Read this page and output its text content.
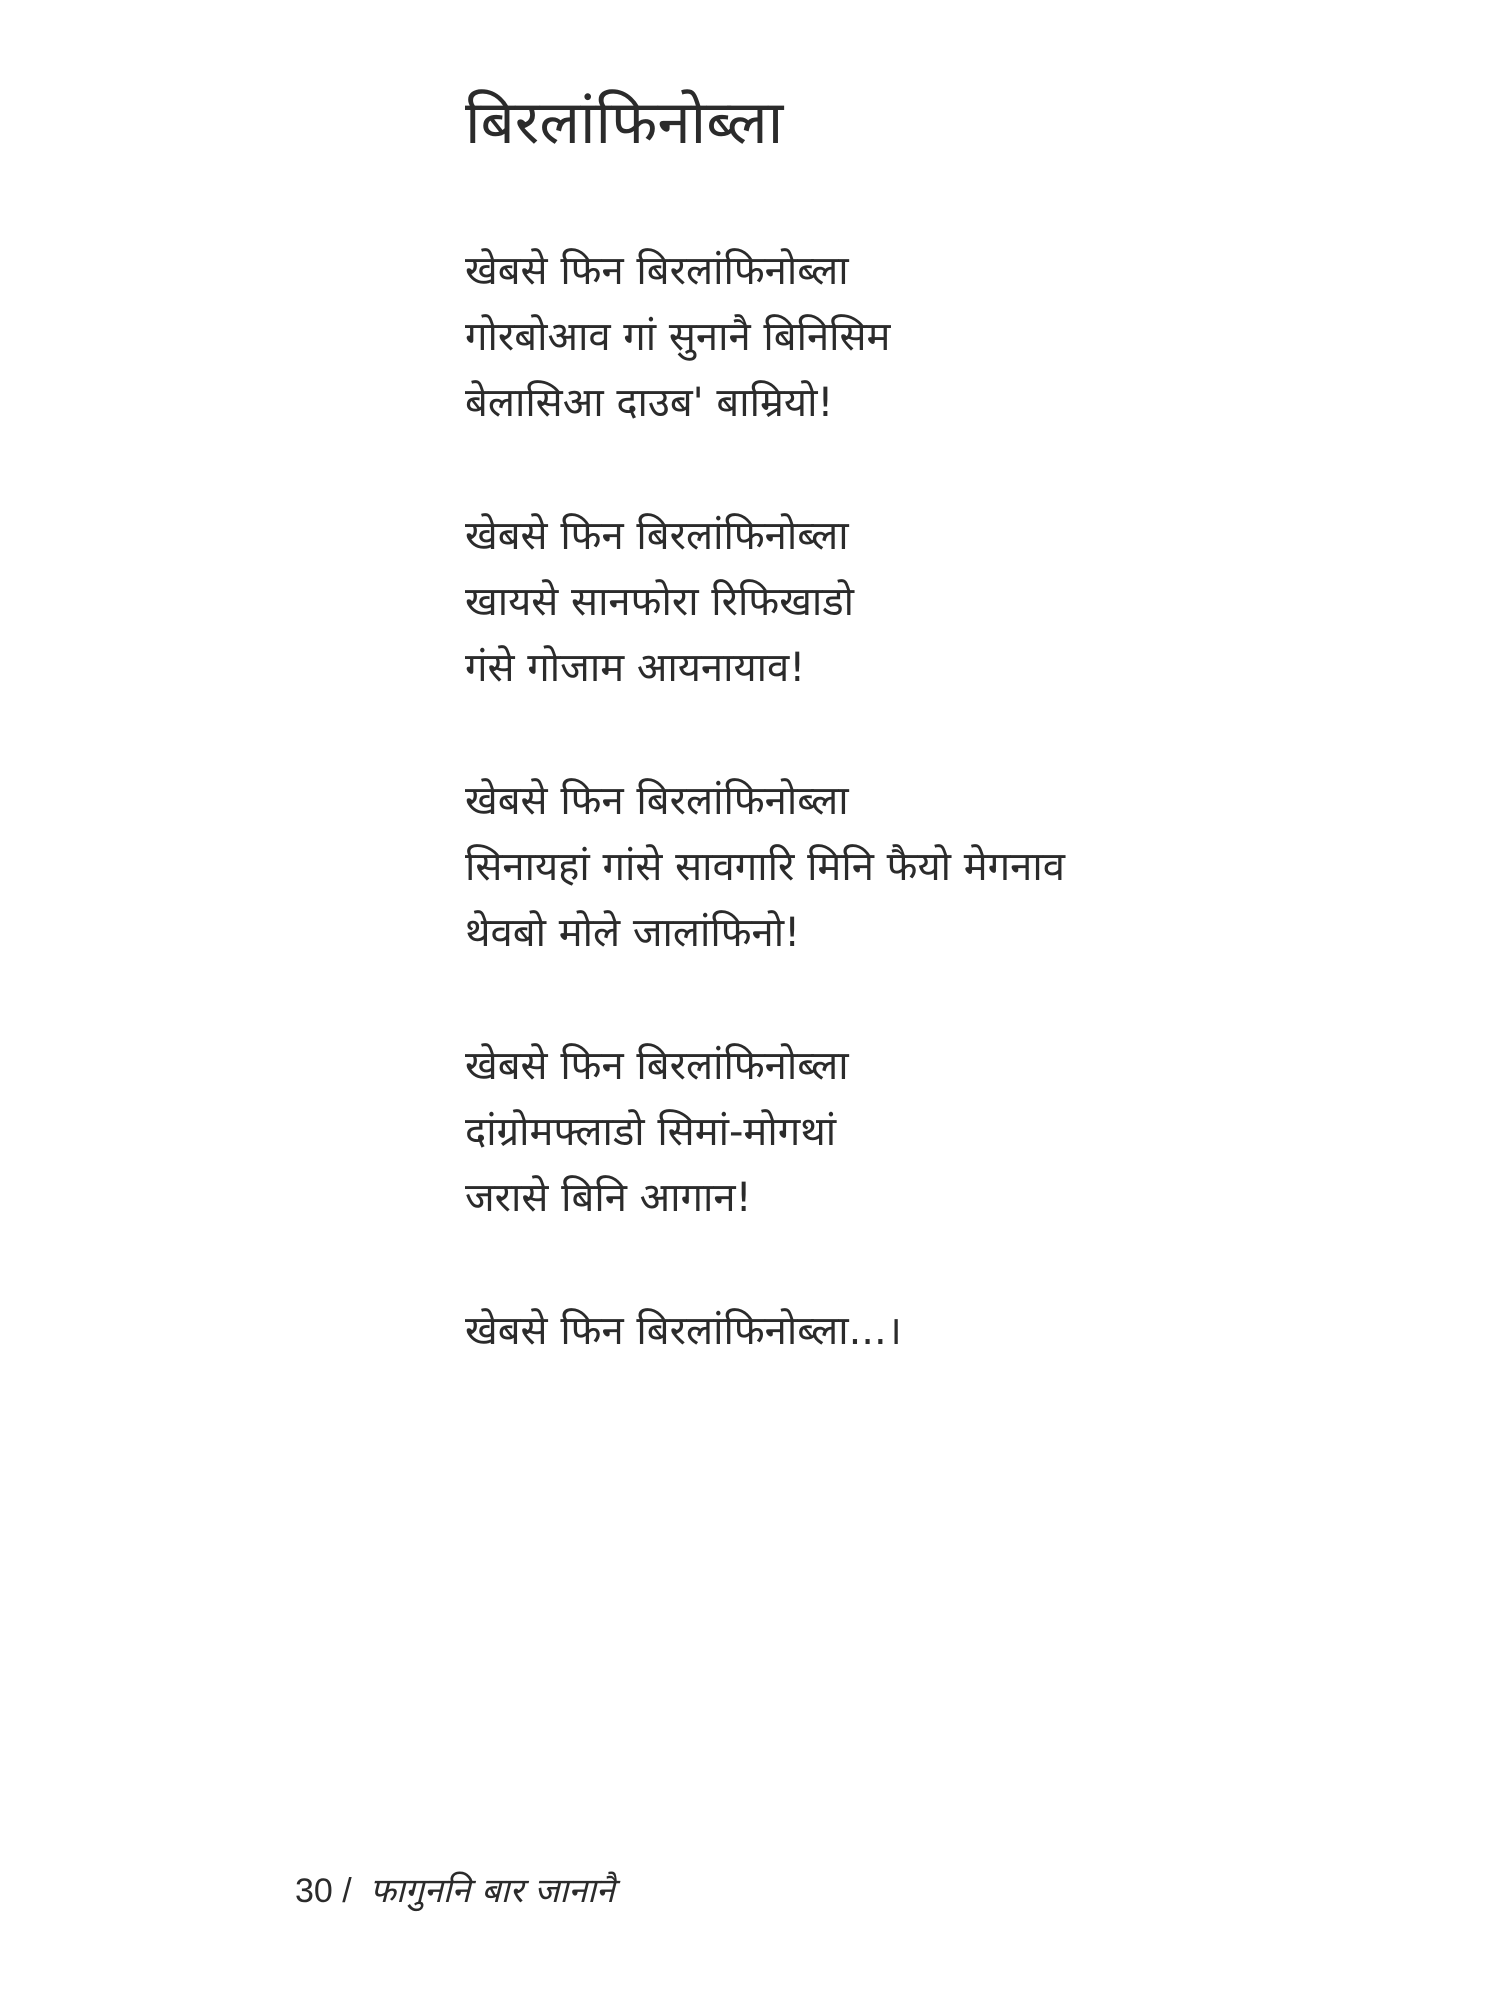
बिरलांफिनोब्ला
खेबसे फिन बिरलांफिनोब्ला
गोरबोआव गां सुनानै बिनिसिम
बेलासिआ दाउब' बाम्रियो!
खेबसे फिन बिरलांफिनोब्ला
खायसे सानफोरा रिफिखाडो
गंसे गोजाम आयनायाव!
खेबसे फिन बिरलांफिनोब्ला
सिनायहां गांसे सावगारि मिनि फैयो मेगनाव
थेवबो मोले जालांफिनो!
खेबसे फिन बिरलांफिनोब्ला
दांग्रोमफ्लाडो सिमां-मोगथां
जरासे बिनि आगान!
खेबसे फिन बिरलांफिनोब्ला...।
30 / फागुननि बार जानानै
